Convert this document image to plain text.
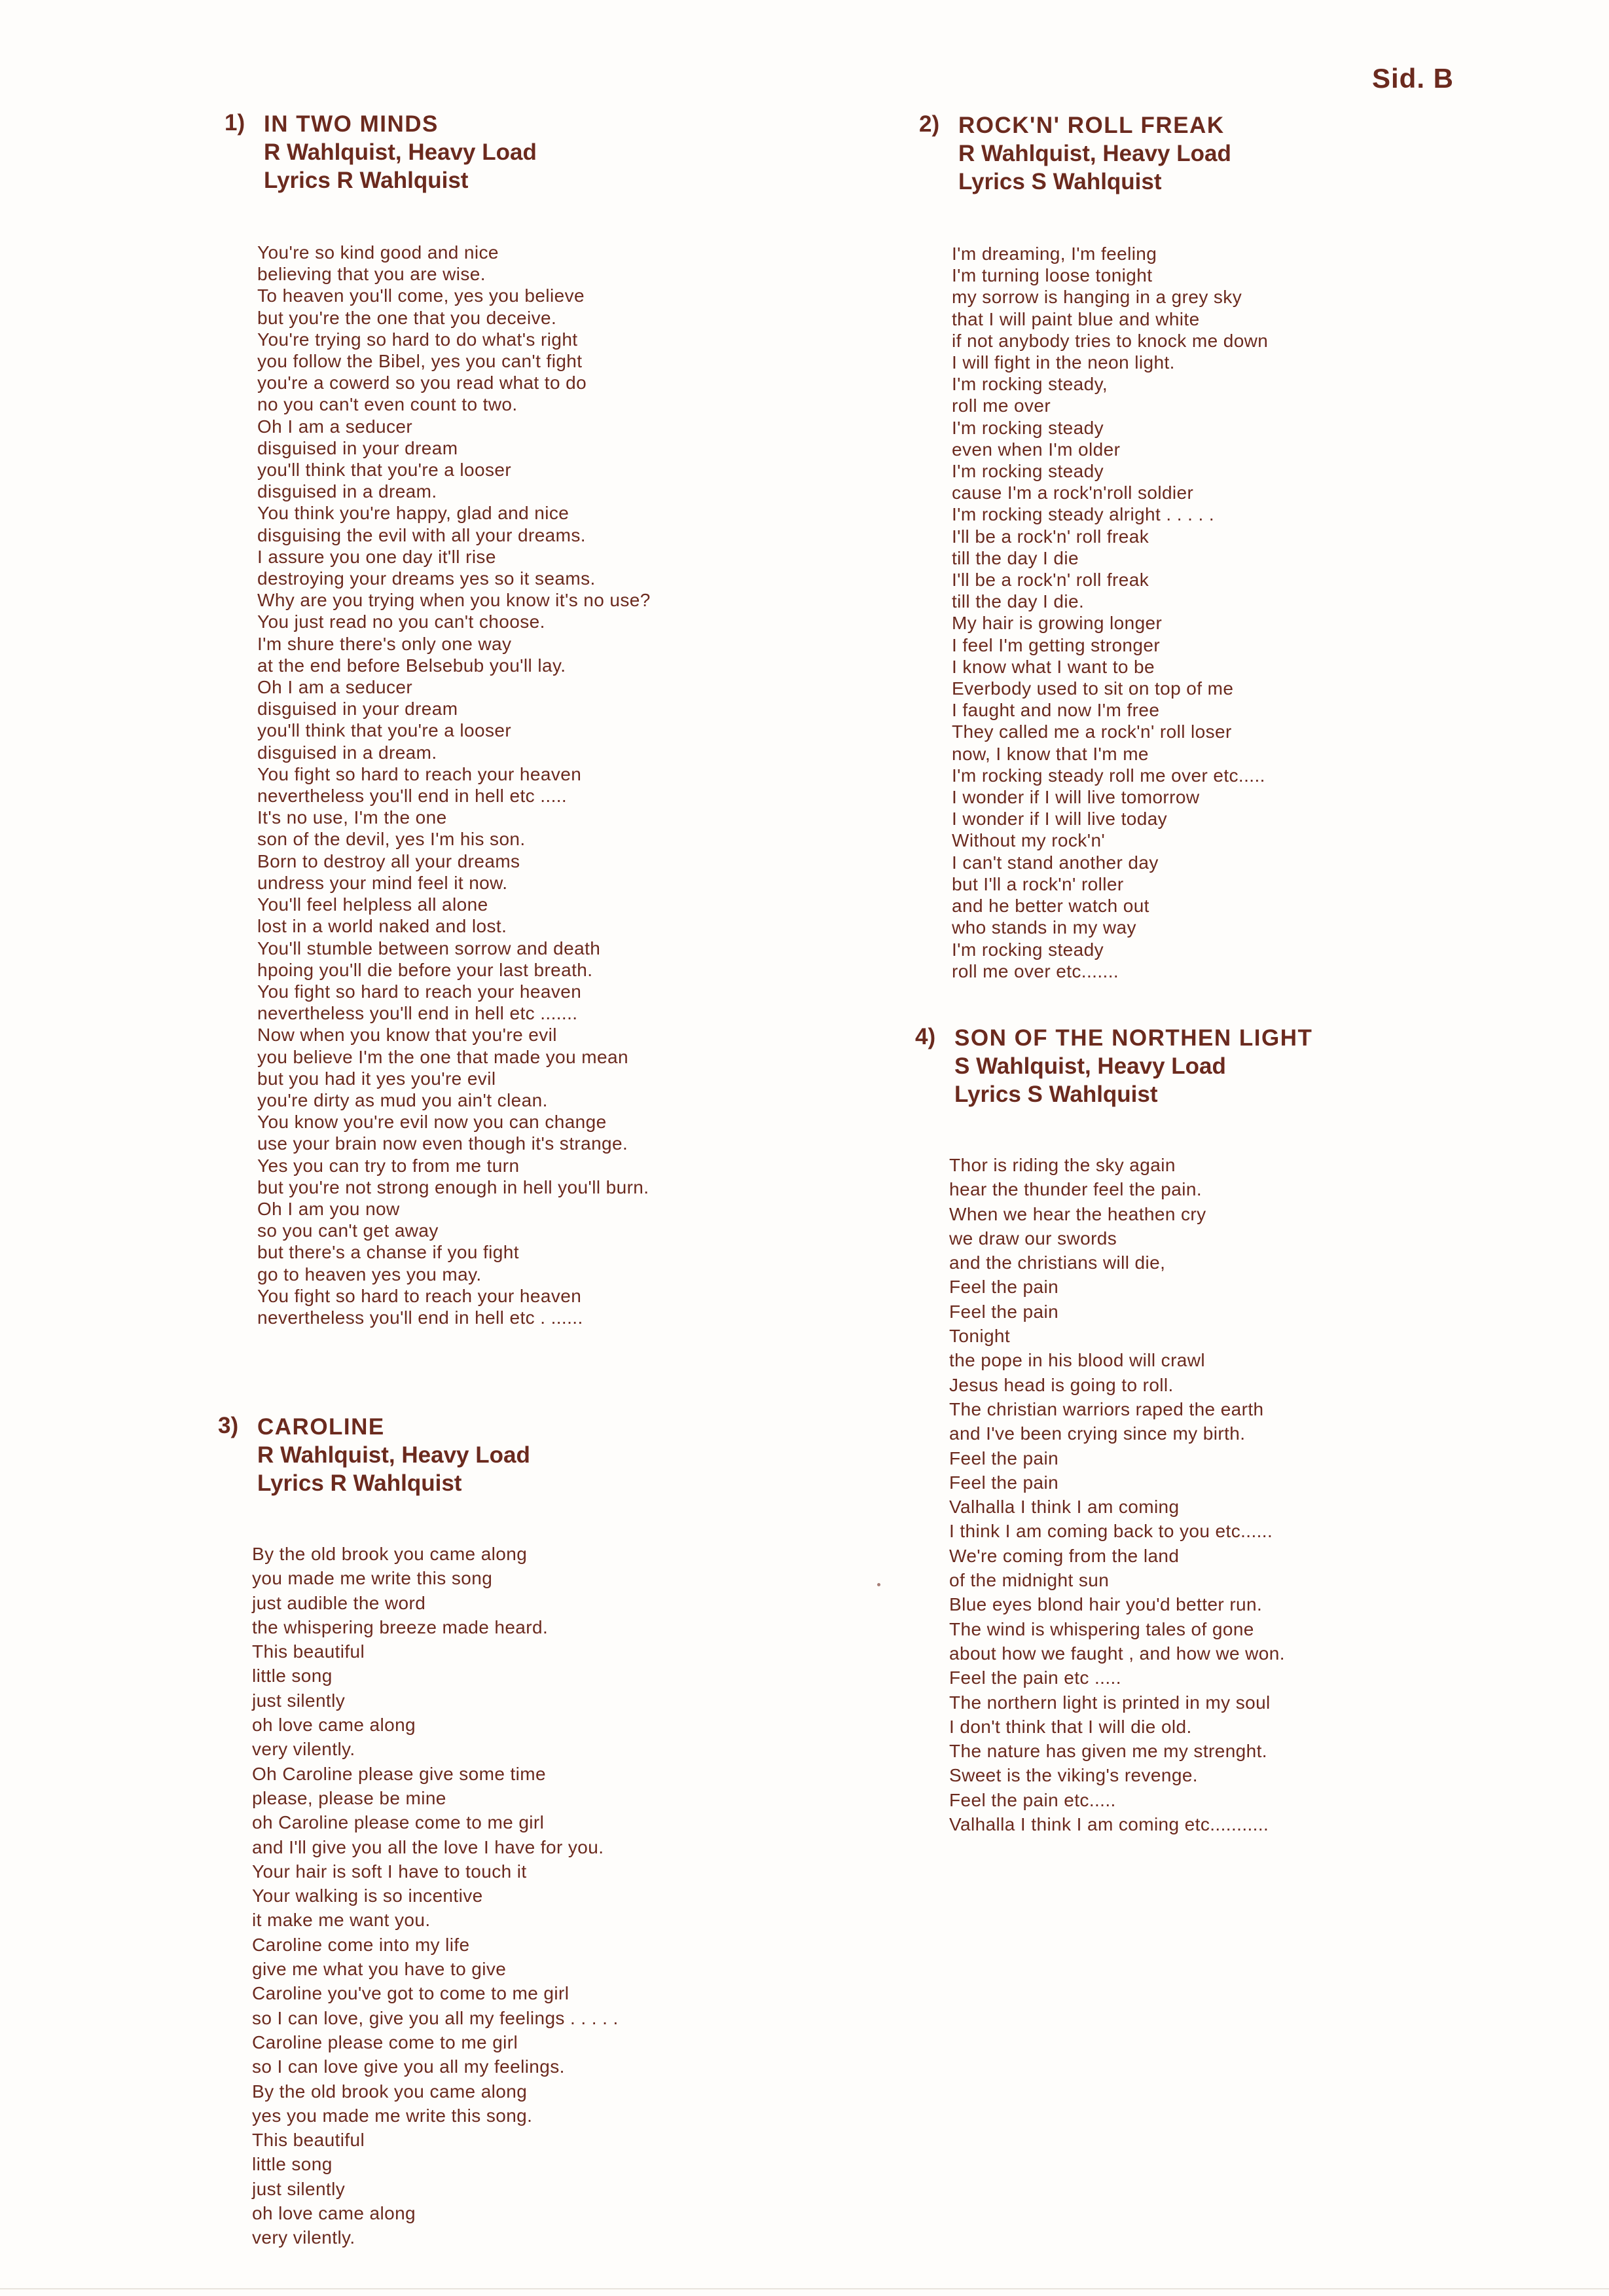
Sid. B
1) IN TWO MINDS
R Wahlquist, Heavy Load
Lyrics R Wahlquist
You're so kind good and nice
believing that you are wise.
To heaven you'll come, yes you believe
but you're the one that you deceive.
You're trying so hard to do what's right
you follow the Bibel, yes you can't fight
you're a cowerd so you read what to do
no you can't even count to two.
Oh I am a seducer
disguised in your dream
you'll think that you're a looser
disguised in a dream.
You think you're happy, glad and nice
disguising the evil with all your dreams.
I assure you one day it'll rise
destroying your dreams yes so it seams.
Why are you trying when you know it's no use?
You just read no you can't choose.
I'm shure there's only one way
at the end before Belsebub you'll lay.
Oh I am a seducer
disguised in your dream
you'll think that you're a looser
disguised in a dream.
You fight so hard to reach your heaven
nevertheless you'll end in hell etc .....
It's no use, I'm the one
son of the devil, yes I'm his son.
Born to destroy all your dreams
undress your mind feel it now.
You'll feel helpless all alone
lost in a world naked and lost.
You'll stumble between sorrow and death
hpoing you'll die before your last breath.
You fight so hard to reach your heaven
nevertheless you'll end in hell etc .......
Now when you know that you're evil
you believe I'm the one that made you mean
but you had it yes you're evil
you're dirty as mud you ain't clean.
You know you're evil now you can change
use your brain now even though it's strange.
Yes you can try to from me turn
but you're not strong enough in hell you'll burn.
Oh I am you now
so you can't get away
but there's a chanse if you fight
go to heaven yes you may.
You fight so hard to reach your heaven
nevertheless you'll end in hell etc . ......
2) ROCK'N' ROLL FREAK
R Wahlquist, Heavy Load
Lyrics S Wahlquist
I'm dreaming, I'm feeling
I'm turning loose tonight
my sorrow is hanging in a grey sky
that I will paint blue and white
if not anybody tries to knock me down
I will fight in the neon light.
I'm rocking steady,
roll me over
I'm rocking steady
even when I'm older
I'm rocking steady
cause I'm a rock'n'roll soldier
I'm rocking steady alright . . . . .
I'll be a rock'n' roll freak
till the day I die
I'll be a rock'n' roll freak
till the day I die.
My hair is growing longer
I feel I'm getting stronger
I know what I want to be
Everbody used to sit on top of me
I faught and now I'm free
They called me a rock'n' roll loser
now, I know that I'm me
I'm rocking steady roll me over etc.....
I wonder if I will live tomorrow
I wonder if I will live today
Without my rock'n'
I can't stand another day
but I'll a rock'n' roller
and he better watch out
who stands in my way
I'm rocking steady
roll me over etc.......
3) CAROLINE
R Wahlquist, Heavy Load
Lyrics R Wahlquist
By the old brook you came along
you made me write this song
just audible the word
the whispering breeze made heard.
This beautiful
little song
just silently
oh love came along
very vilently.
Oh Caroline please give some time
please, please be mine
oh Caroline please come to me girl
and I'll give you all the love I have for you.
Your hair is soft I have to touch it
Your walking is so incentive
it make me want you.
Caroline come into my life
give me what you have to give
Caroline you've got to come to me girl
so I can love, give you all my feelings . . . . .
Caroline please come to me girl
so I can love give you all my feelings.
By the old brook you came along
yes you made me write this song.
This beautiful
little song
just silently
oh love came along
very vilently.
4) SON OF THE NORTHEN LIGHT
S Wahlquist, Heavy Load
Lyrics S Wahlquist
Thor is riding the sky again
hear the thunder feel the pain.
When we hear the heathen cry
we draw our swords
and the christians will die,
Feel the pain
Feel the pain
Tonight
the pope in his blood will crawl
Jesus head is going to roll.
The christian warriors raped the earth
and I've been crying since my birth.
Feel the pain
Feel the pain
Valhalla I think I am coming
I think I am coming back to you etc......
We're coming from the land
of the midnight sun
Blue eyes blond hair you'd better run.
The wind is whispering tales of gone
about how we faught , and how we won.
Feel the pain etc .....
The northern light is printed in my soul
I don't think that I will die old.
The nature has given me my strenght.
Sweet is the viking's revenge.
Feel the pain etc.....
Valhalla I think I am coming etc...........
